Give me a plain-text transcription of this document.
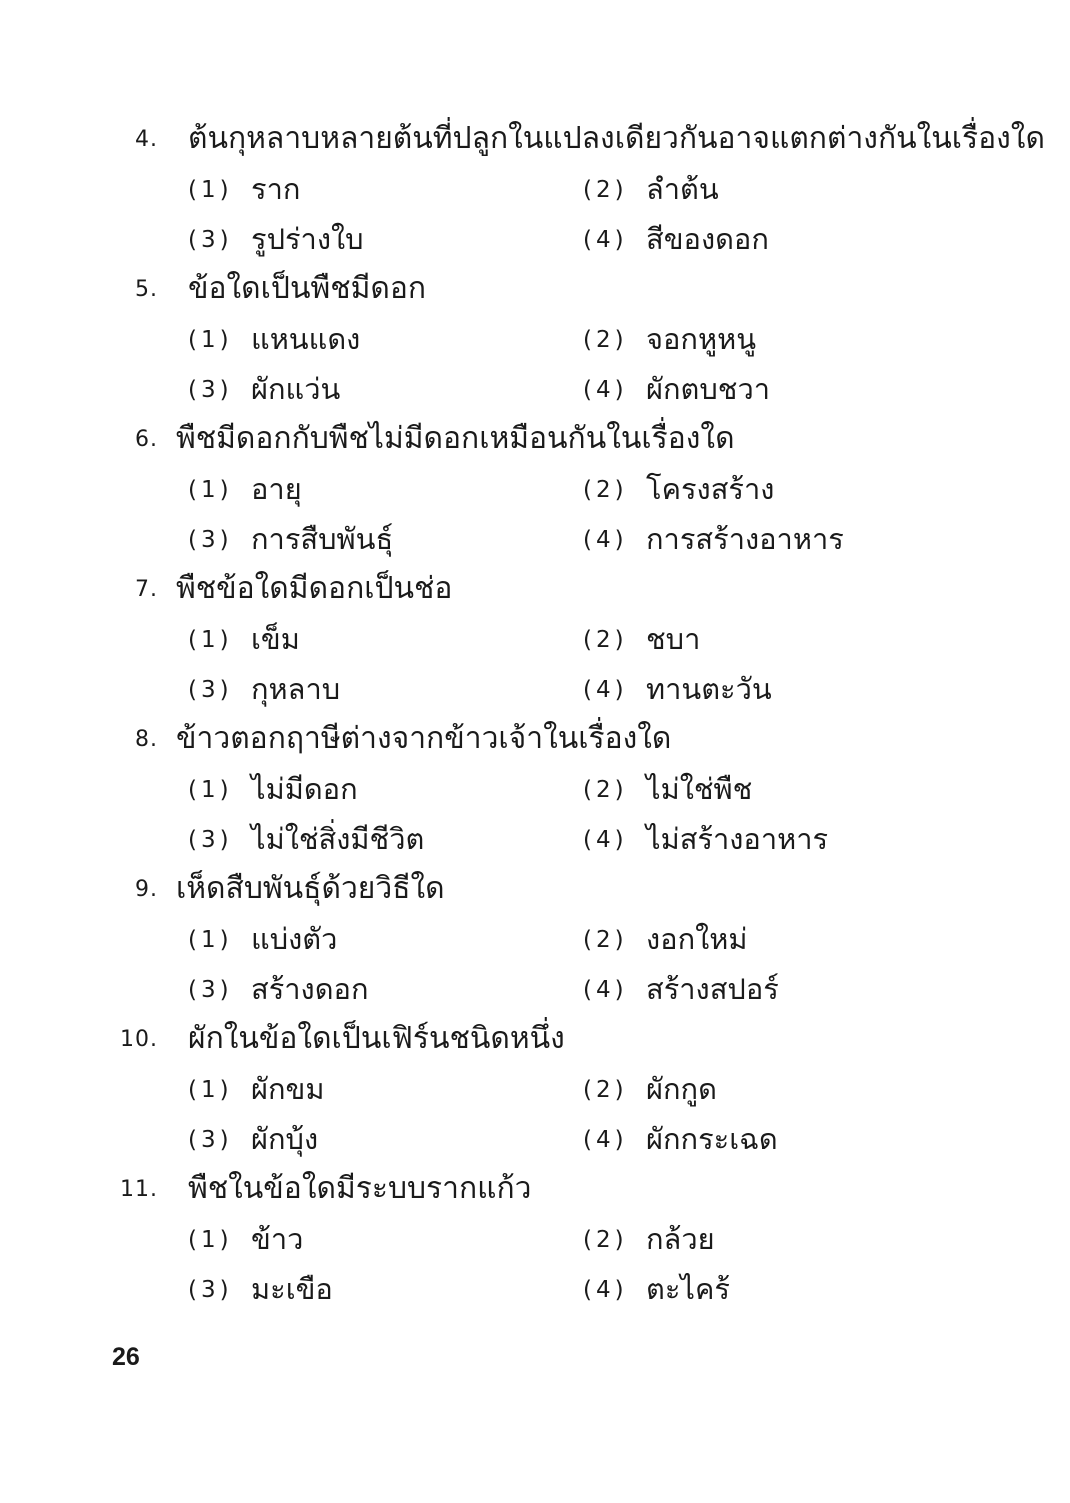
4. ต้นกุหลาบหลายต้นที่ปลูกในแปลงเดียวกันอาจแตกต่างกันในเรื่องใด
(1) ราก	(2) ลำต้น
(3) รูปร่างใบ	(4) สีของดอก
5. ข้อใดเป็นพืชมีดอก
(1) แหนแดง	(2) จอกหูหนู
(3) ผักแว่น	(4) ผักตบชวา
6. พืชมีดอกกับพืชไม่มีดอกเหมือนกันในเรื่องใด
(1) อายุ	(2) โครงสร้าง
(3) การสืบพันธุ์	(4) การสร้างอาหาร
7. พืชข้อใดมีดอกเป็นช่อ
(1) เข็ม	(2) ชบา
(3) กุหลาบ	(4) ทานตะวัน
8. ข้าวตอกฤาษีต่างจากข้าวเจ้าในเรื่องใด
(1) ไม่มีดอก	(2) ไม่ใช่พืช
(3) ไม่ใช่สิ่งมีชีวิต	(4) ไม่สร้างอาหาร
9. เห็ดสืบพันธุ์ด้วยวิธีใด
(1) แบ่งตัว	(2) งอกใหม่
(3) สร้างดอก	(4) สร้างสปอร์
10. ผักในข้อใดเป็นเฟิร์นชนิดหนึ่ง
(1) ผักขม	(2) ผักกูด
(3) ผักบุ้ง	(4) ผักกระเฉด
11. พืชในข้อใดมีระบบรากแก้ว
(1) ข้าว	(2) กล้วย
(3) มะเขือ	(4) ตะไคร้
26
